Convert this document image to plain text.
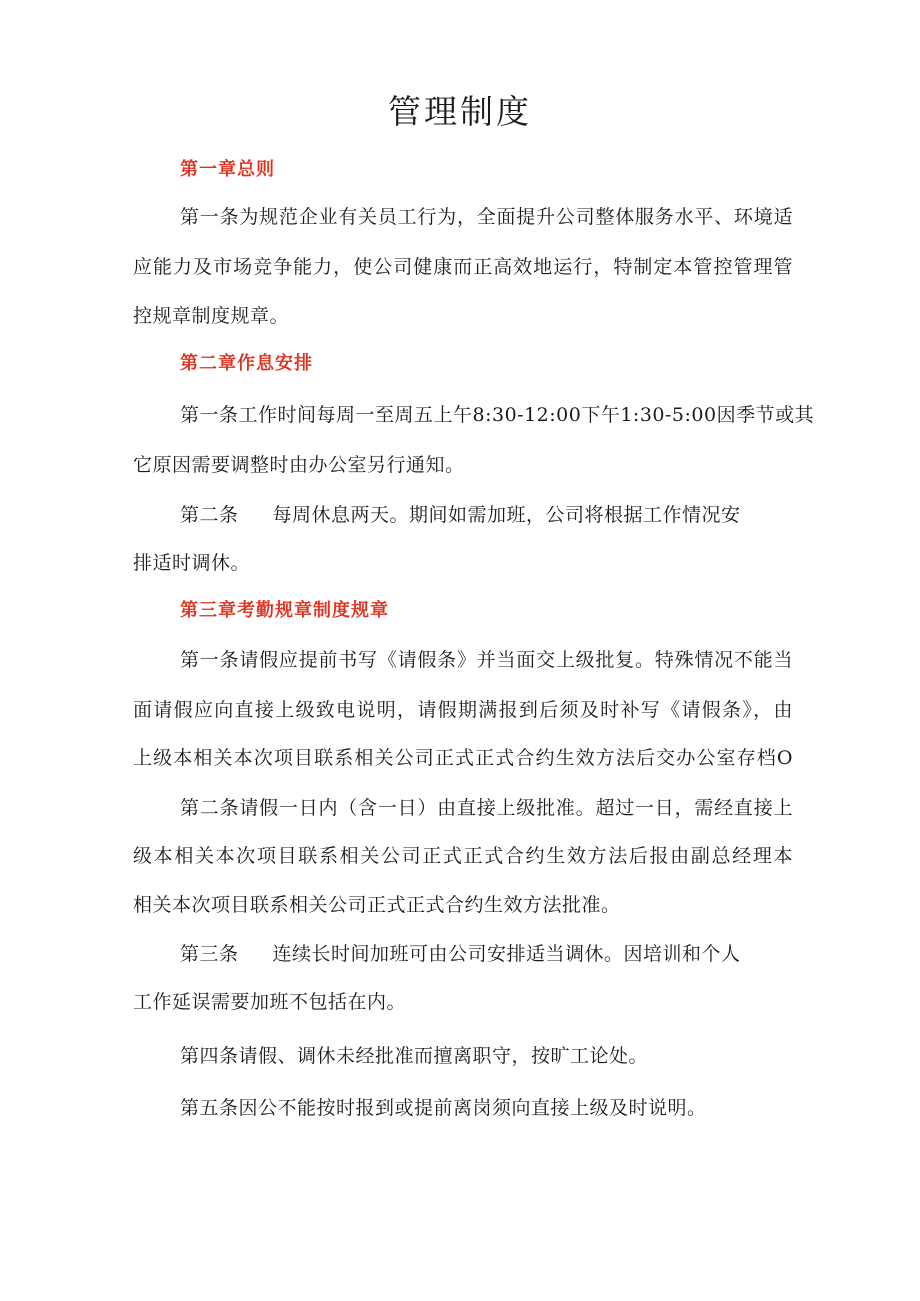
管理制度
第一章总则
第一条为规范企业有关员工行为，全面提升公司整体服务水平、环境适
应能力及市场竞争能力，使公司健康而正高效地运行，特制定本管控管理管
控规章制度规章。
第二章作息安排
第一条工作时间每周一至周五上午8:30-12:00下午1:30-5:00因季节或其
它原因需要调整时由办公室另行通知。
第二条 每周休息两天。期间如需加班，公司将根据工作情况安
排适时调休。
第三章考勤规章制度规章
第一条请假应提前书写《请假条》并当面交上级批复。特殊情况不能当
面请假应向直接上级致电说明，请假期满报到后须及时补写《请假条》，由
上级本相关本次项目联系相关公司正式正式合约生效方法后交办公室存档O
第二条请假一日内（含一日）由直接上级批准。超过一日，需经直接上
级本相关本次项目联系相关公司正式正式合约生效方法后报由副总经理本
相关本次项目联系相关公司正式正式合约生效方法批准。
第三条 连续长时间加班可由公司安排适当调休。因培训和个人
工作延误需要加班不包括在内。
第四条请假、调休未经批准而擅离职守，按旷工论处。
第五条因公不能按时报到或提前离岗须向直接上级及时说明。
